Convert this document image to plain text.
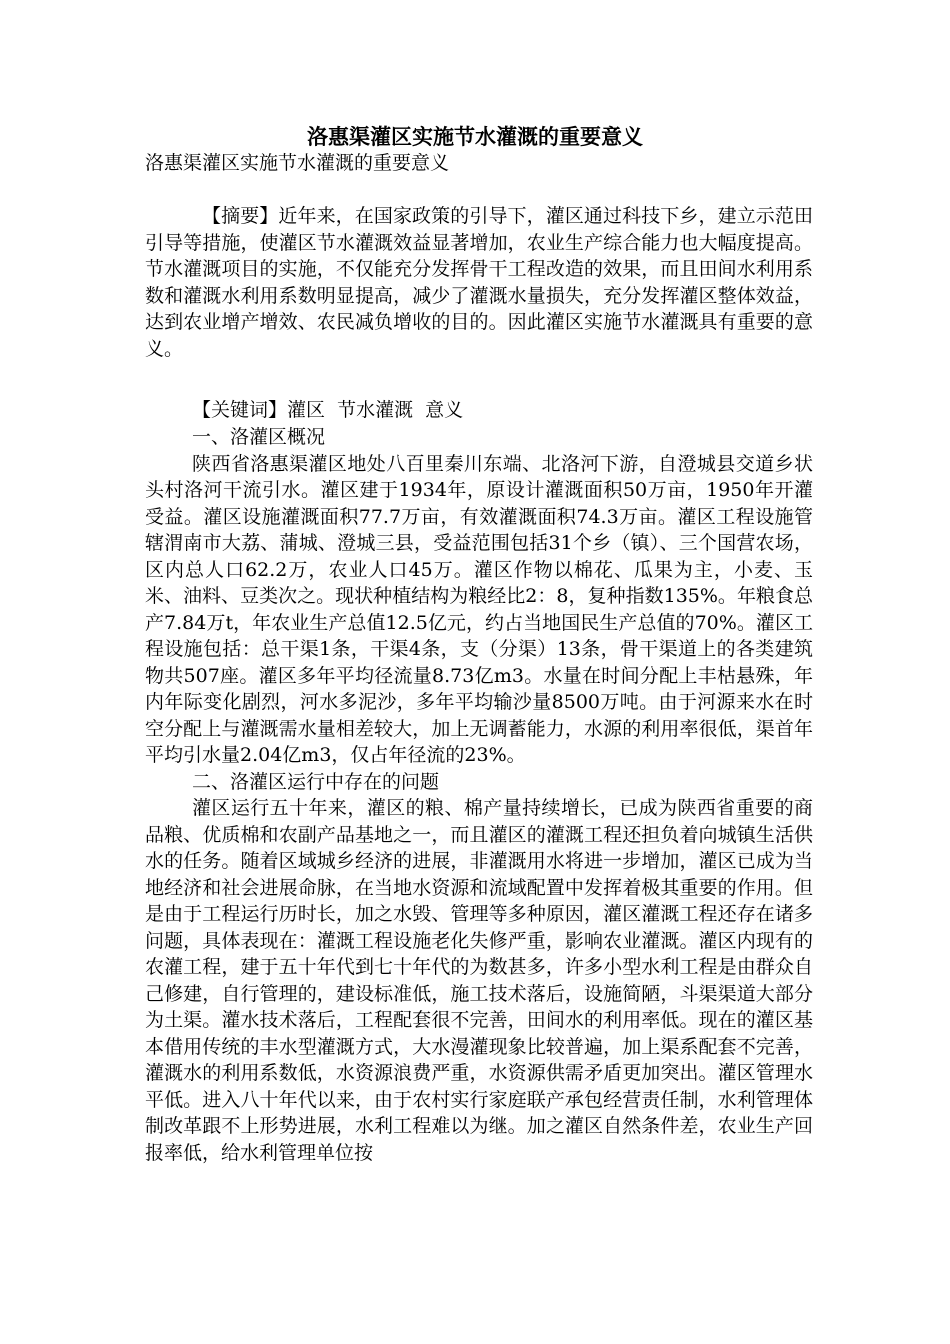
洛惠渠灌区实施节水灌溉的重要意义
洛惠渠灌区实施节水灌溉的重要意义
【摘要】近年来，在国家政策的引导下，灌区通过科技下乡，建立示范田引导等措施，使灌区节水灌溉效益显著增加，农业生产综合能力也大幅度提高。节水灌溉项目的实施，不仅能充分发挥骨干工程改造的效果，而且田间水利用系数和灌溉水利用系数明显提高，减少了灌溉水量损失，充分发挥灌区整体效益，达到农业增产增效、农民减负增收的目的。因此灌区实施节水灌溉具有重要的意义。
【关键词】灌区  节水灌溉  意义

一、洛灌区概况

陕西省洛惠渠灌区地处八百里秦川东端、北洛河下游，自澄城县交道乡状头村洛河干流引水。灌区建于1934年，原设计灌溉面积50万亩，1950年开灌受益。灌区设施灌溉面积77.7万亩，有效灌溉面积74.3万亩。灌区工程设施管辖渭南市大荔、蒲城、澄城三县，受益范围包括31个乡（镇）、三个国营农场，区内总人口62.2万，农业人口45万。灌区作物以棉花、瓜果为主，小麦、玉米、油料、豆类次之。现状种植结构为粮经比2：8，复种指数135%。年粮食总产7.84万t，年农业生产总值12.5亿元，约占当地国民生产总值的70%。灌区工程设施包括：总干渠1条，干渠4条，支（分渠）13条，骨干渠道上的各类建筑物共507座。灌区多年平均径流量8.73亿m3。水量在时间分配上丰枯悬殊，年内年际变化剧烈，河水多泥沙，多年平均输沙量8500万吨。由于河源来水在时空分配上与灌溉需水量相差较大，加上无调蓄能力，水源的利用率很低，渠首年平均引水量2.04亿m3，仅占年径流的23%。

二、洛灌区运行中存在的问题

灌区运行五十年来，灌区的粮、棉产量持续增长，已成为陕西省重要的商品粮、优质棉和农副产品基地之一，而且灌区的灌溉工程还担负着向城镇生活供水的任务。随着区域城乡经济的进展，非灌溉用水将进一步增加，灌区已成为当地经济和社会进展命脉，在当地水资源和流域配置中发挥着极其重要的作用。但是由于工程运行历时长，加之水毁、管理等多种原因，灌区灌溉工程还存在诸多问题，具体表现在：灌溉工程设施老化失修严重，影响农业灌溉。灌区内现有的农灌工程，建于五十年代到七十年代的为数甚多，许多小型水利工程是由群众自己修建，自行管理的，建设标准低，施工技术落后，设施简陋，斗渠渠道大部分为土渠。灌水技术落后，工程配套很不完善，田间水的利用率低。现在的灌区基本借用传统的丰水型灌溉方式，大水漫灌现象比较普遍，加上渠系配套不完善，灌溉水的利用系数低，水资源浪费严重，水资源供需矛盾更加突出。灌区管理水平低。进入八十年代以来，由于农村实行家庭联产承包经营责任制，水利管理体制改革跟不上形势进展，水利工程难以为继。加之灌区自然条件差，农业生产回报率低，给水利管理单位按
